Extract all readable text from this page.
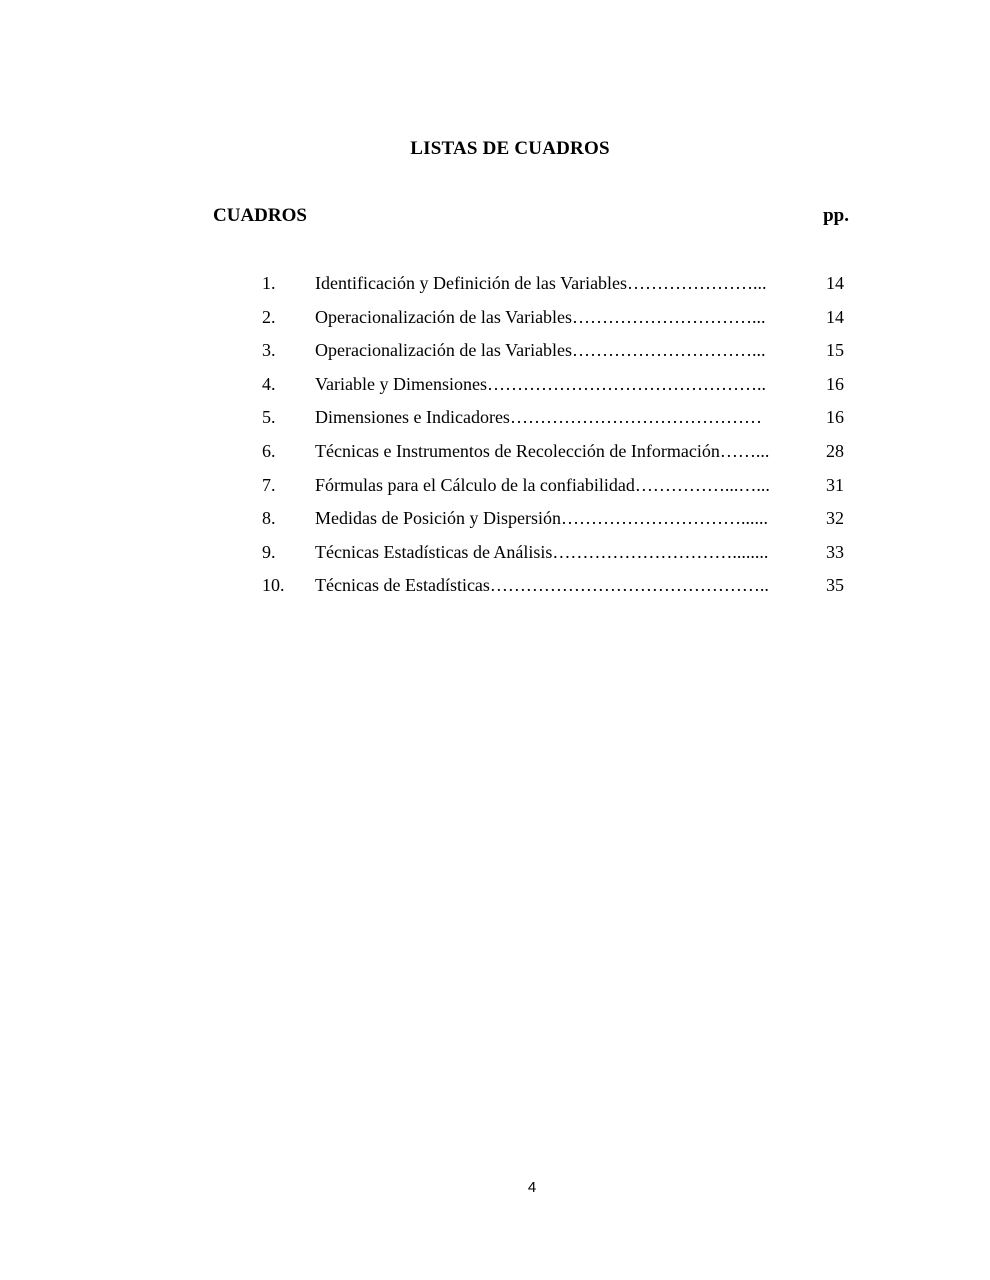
LISTAS DE CUADROS
CUADROS	pp.
1. Identificación y Definición de las Variables…………………...	14
2. Operacionalización de las Variables…………………………...	14
3. Operacionalización de las Variables…………………………...	15
4. Variable y Dimensiones………………………………………..	16
5. Dimensiones e Indicadores……………………………………	16
6. Técnicas e Instrumentos de Recolección de Información……...	28
7. Fórmulas para el Cálculo de la confiabilidad……………...…...	31
8. Medidas de Posición y Dispersión…………………………......	32
9. Técnicas Estadísticas de Análisis…………………………........	33
10. Técnicas de Estadísticas………………………………………..	35
4
